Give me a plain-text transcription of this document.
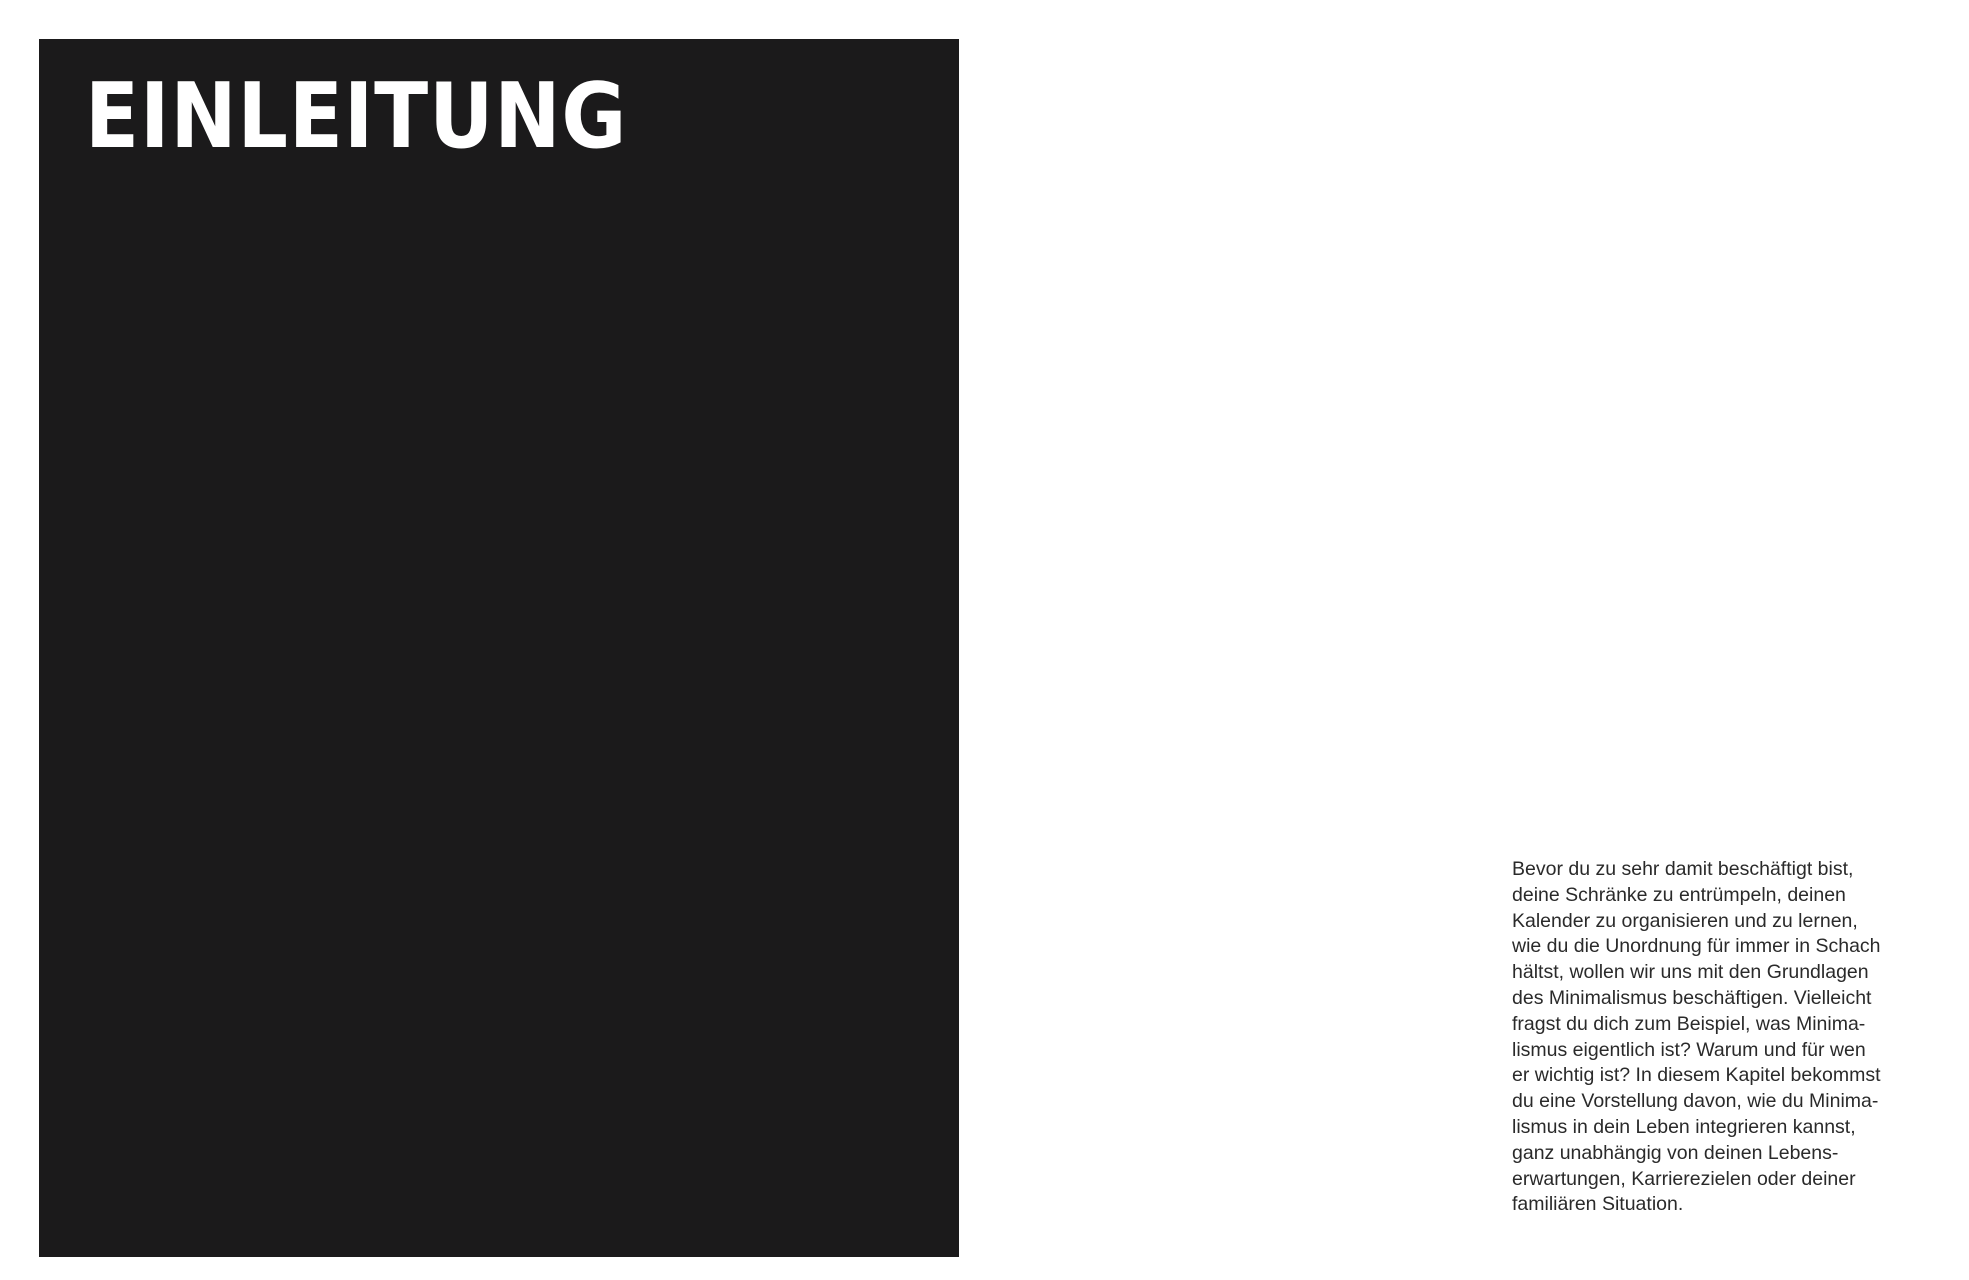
EINLEITUNG

Bevor du zu sehr damit beschäftigt bist,
deine Schränke zu entrümpeln, deinen
Kalender zu organisieren und zu lernen,
wie du die Unordnung für immer in Schach
hältst, wollen wir uns mit den Grundlagen
des Minimalismus beschäftigen. Vielleicht
fragst du dich zum Beispiel, was Minima-
lismus eigentlich ist? Warum und für wen
er wichtig ist? In diesem Kapitel bekommst
du eine Vorstellung davon, wie du Minima-
lismus in dein Leben integrieren kannst,
ganz unabhängig von deinen Lebens-
erwartungen, Karrierezielen oder deiner
familiären Situation.
